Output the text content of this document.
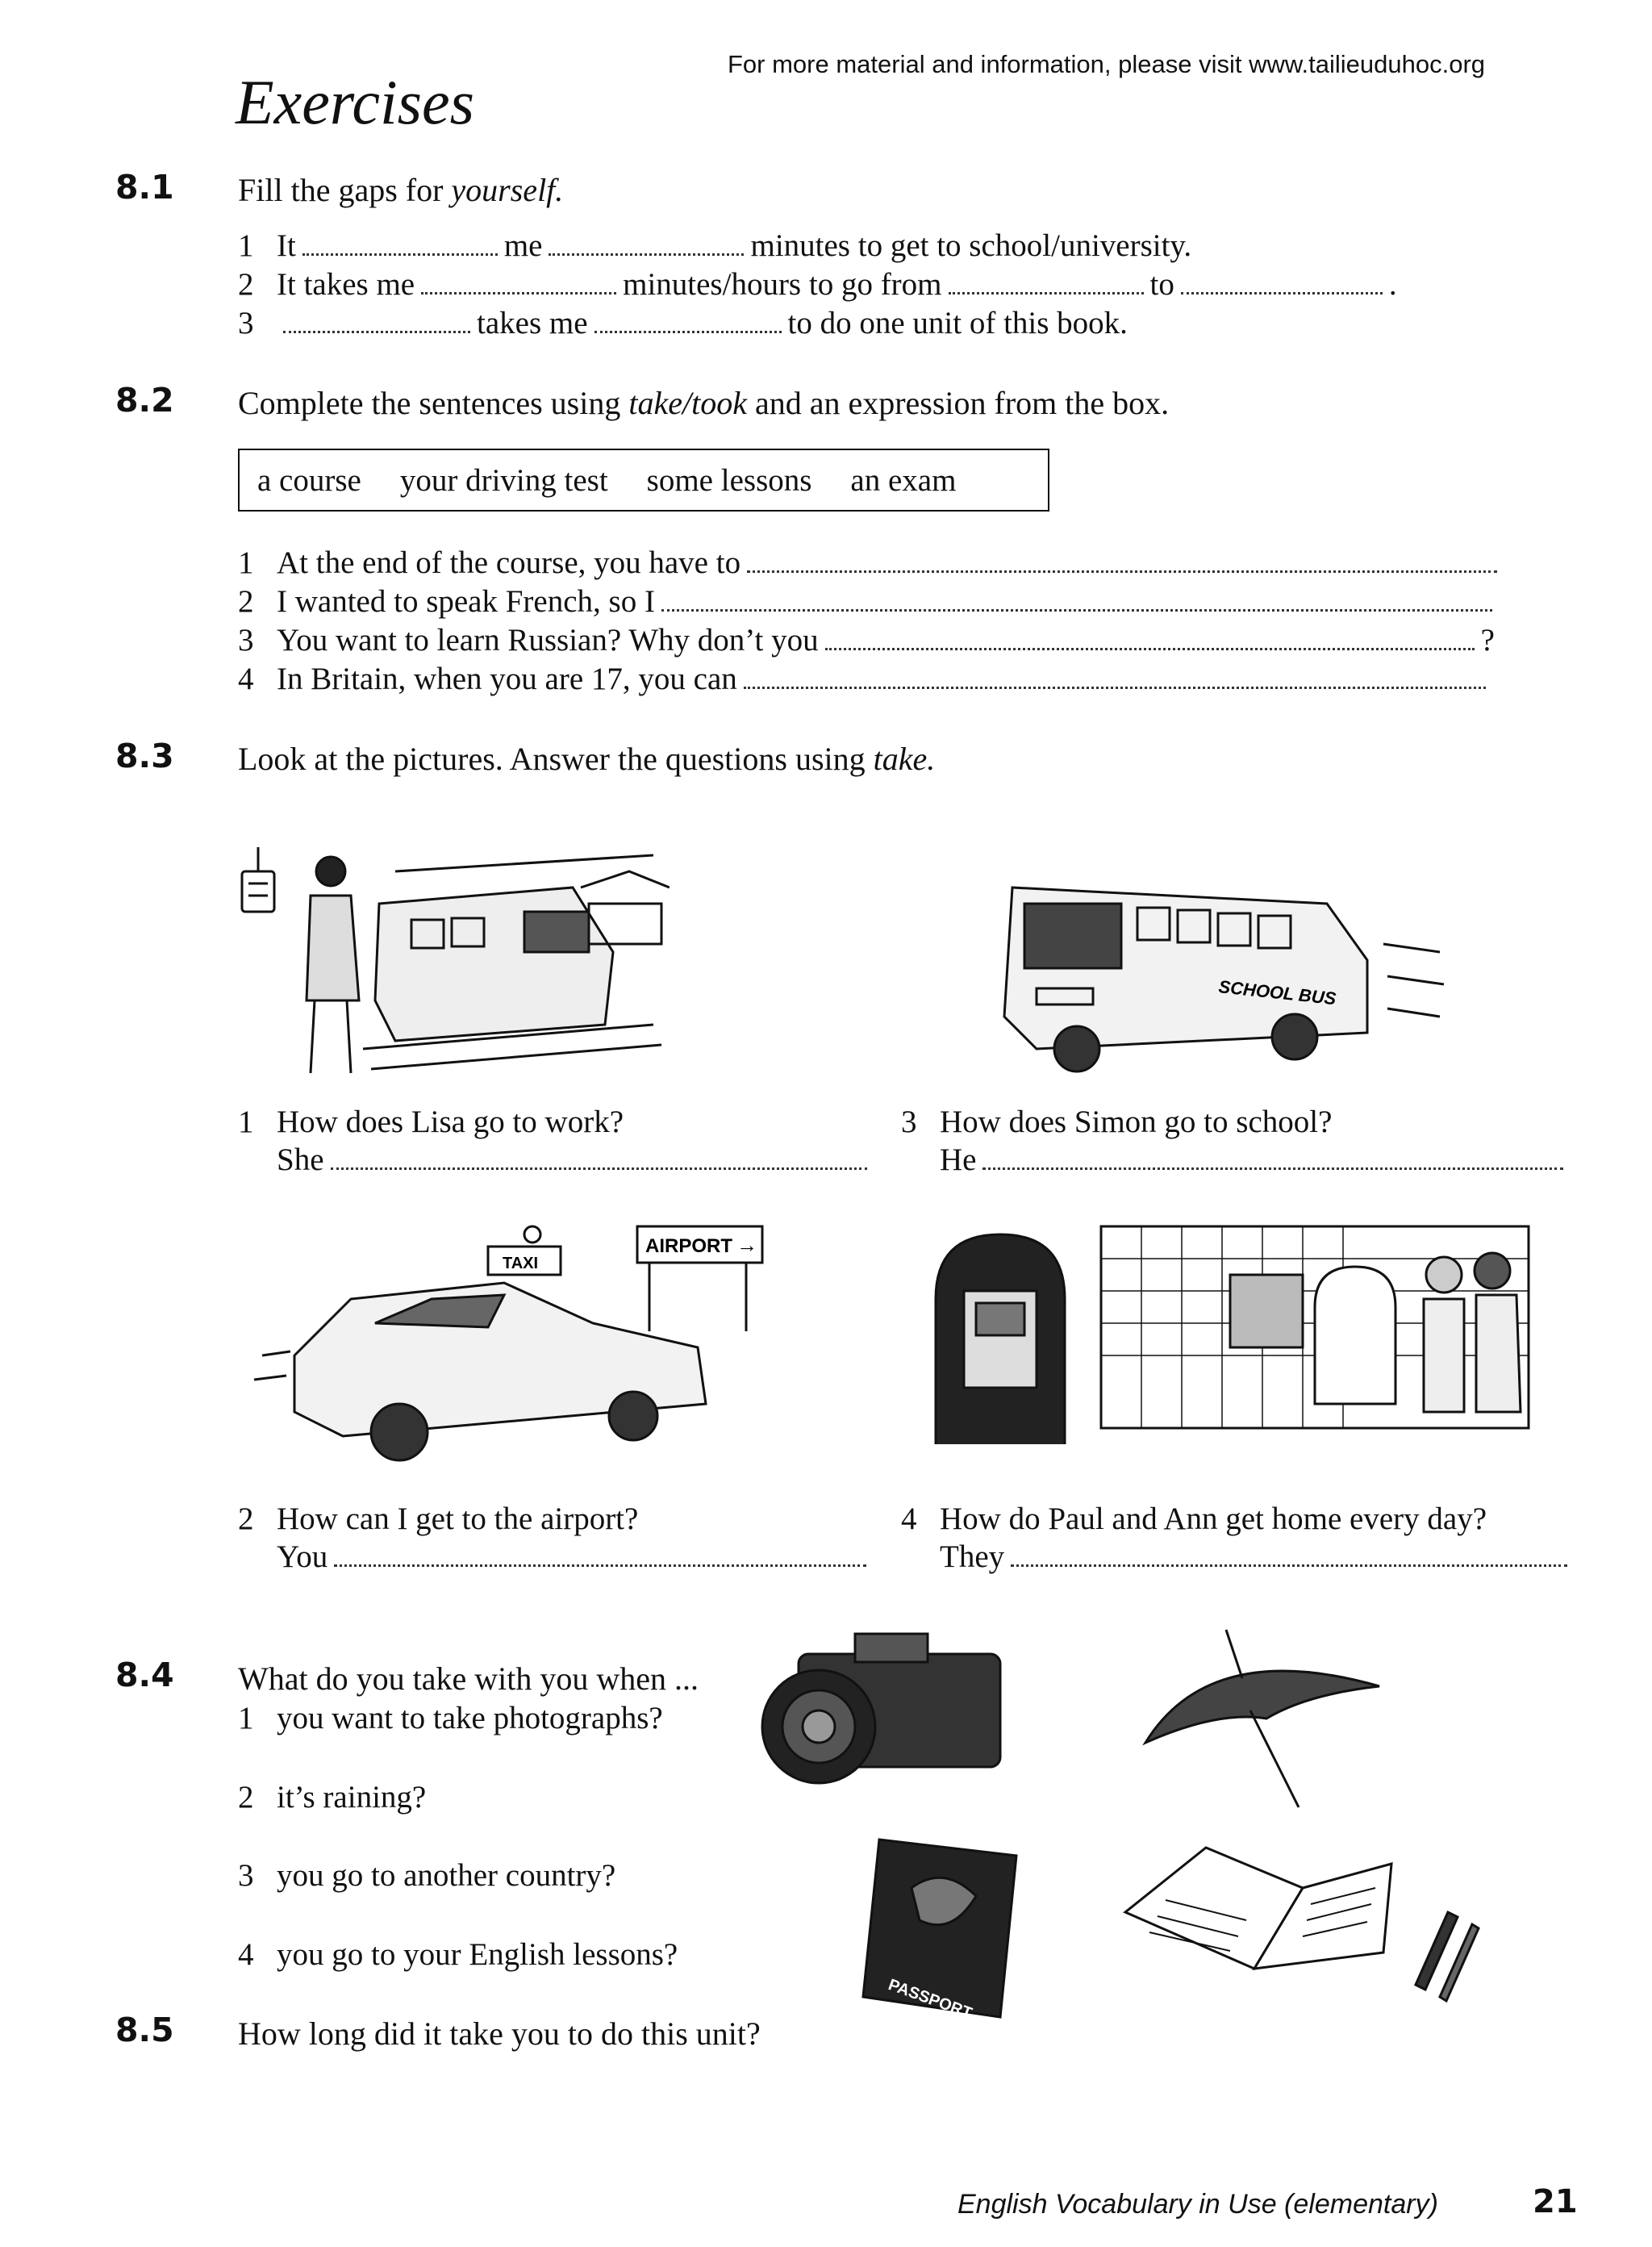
For more material and information, please visit www.tailieuduhoc.org
Exercises
8.1 Fill the gaps for yourself.
1 It	me	minutes to get to school/university.
2 It takes me	minutes/hours to go from	to	.
3	takes me	to do one unit of this book.
8.2 Complete the sentences using take/took and an expression from the box.
a course your driving test some lessons an exam
1 At the end of the course, you have to
2 I wanted to speak French, so I
3 You want to learn Russian? Why don’t you	?
4 In Britain, when you are 17, you can
8.3 Look at the pictures. Answer the questions using take.
SCHOOL BUS
1 How does Lisa go to work?
She
3 How does Simon go to school?
He
TAXI
AIRPORT →
2 How can I get to the airport?
You
4 How do Paul and Ann get home every day?
They
8.4 What do you take with you when ...
1 you want to take photographs?
2 it’s raining?
3 you go to another country?
4 you go to your English lessons?
PASSPORT
8.5 How long did it take you to do this unit?
English Vocabulary in Use (elementary)	21
